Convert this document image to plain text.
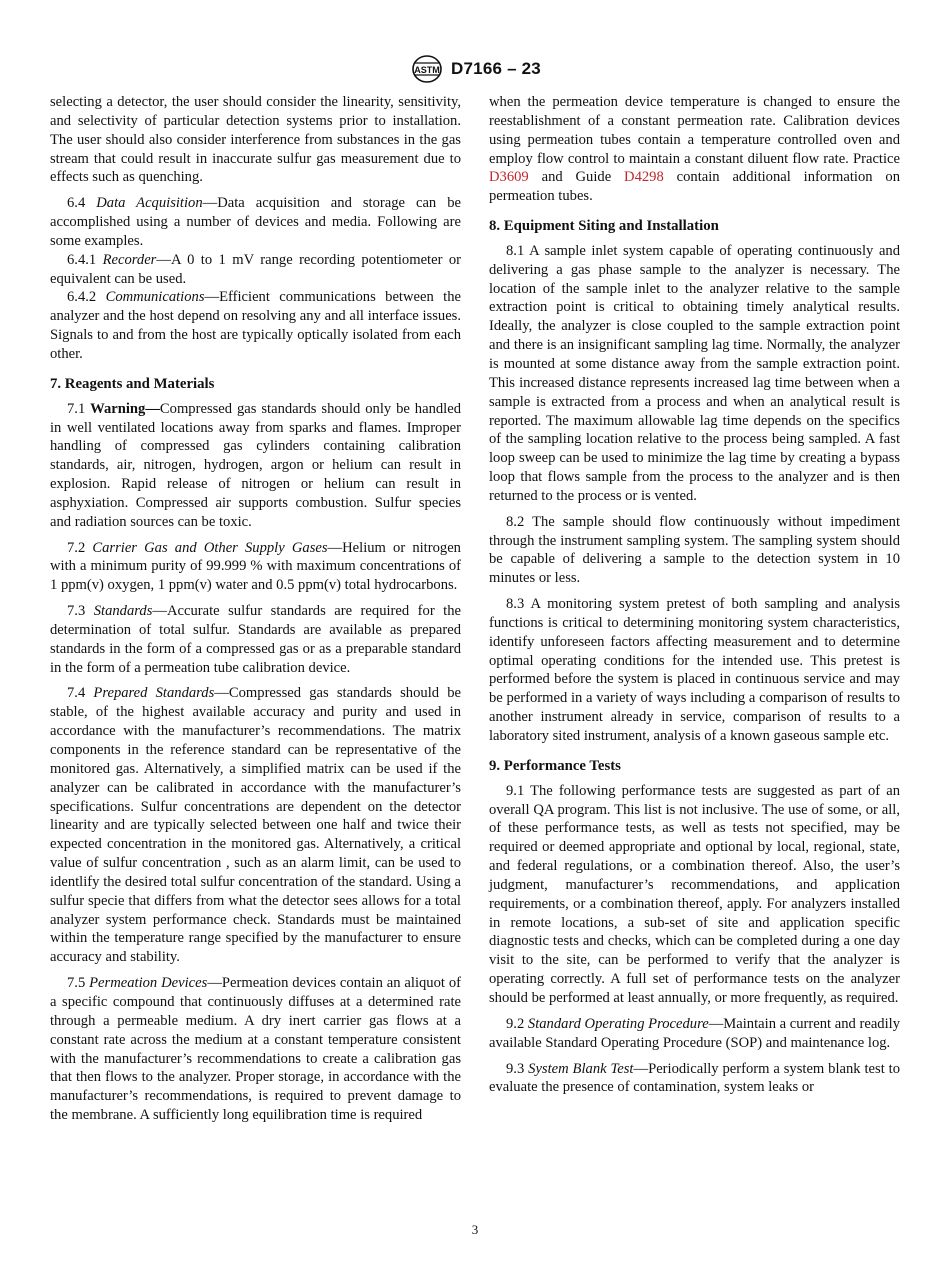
ASTM D7166 – 23

selecting a detector, the user should consider the linearity, sensitivity, and selectivity of particular detection systems prior to installation. The user should also consider interference from substances in the gas stream that could result in inaccurate sulfur gas measurement due to effects such as quenching.

6.4 Data Acquisition—Data acquisition and storage can be accomplished using a number of devices and media. Following are some examples.

6.4.1 Recorder—A 0 to 1 mV range recording potentiometer or equivalent can be used.

6.4.2 Communications—Efficient communications between the analyzer and the host depend on resolving any and all interface issues. Signals to and from the host are typically optically isolated from each other.

7. Reagents and Materials

7.1 Warning—Compressed gas standards should only be handled in well ventilated locations away from sparks and flames. Improper handling of compressed gas cylinders containing calibration standards, air, nitrogen, hydrogen, argon or helium can result in explosion. Rapid release of nitrogen or helium can result in asphyxiation. Compressed air supports combustion. Sulfur species and radiation sources can be toxic.

7.2 Carrier Gas and Other Supply Gases—Helium or nitrogen with a minimum purity of 99.999 % with maximum concentrations of 1 ppm(v) oxygen, 1 ppm(v) water and 0.5 ppm(v) total hydrocarbons.

7.3 Standards—Accurate sulfur standards are required for the determination of total sulfur. Standards are available as prepared standards in the form of a compressed gas or as a preparable standard in the form of a permeation tube calibration device.

7.4 Prepared Standards—Compressed gas standards should be stable, of the highest available accuracy and purity and used in accordance with the manufacturer’s recommendations. The matrix components in the reference standard can be representative of the monitored gas. Alternatively, a simplified matrix can be used if the analyzer can be calibrated in accordance with the manufacturer’s specifications. Sulfur concentrations are dependent on the detector linearity and are typically selected between one half and twice their expected concentration in the monitored gas. Alternatively, a critical value of sulfur concentration , such as an alarm limit, can be used to identlify the desired total sulfur concentration of the standard. Using a sulfur specie that differs from what the detector sees allows for a total analyzer system performance check. Standards must be maintained within the temperature range specified by the manufacturer to ensure accuracy and stability.

7.5 Permeation Devices—Permeation devices contain an aliquot of a specific compound that continuously diffuses at a determined rate through a permeable medium. A dry inert carrier gas flows at a constant rate across the medium at a constant temperature consistent with the manufacturer’s recommendations to create a calibration gas that then flows to the analyzer. Proper storage, in accordance with the manufacturer’s recommendations, is required to prevent damage to the membrane. A sufficiently long equilibration time is required

when the permeation device temperature is changed to ensure the reestablishment of a constant permeation rate. Calibration devices using permeation tubes contain a temperature controlled oven and employ flow control to maintain a constant diluent flow rate. Practice D3609 and Guide D4298 contain additional information on permeation tubes.

8. Equipment Siting and Installation

8.1 A sample inlet system capable of operating continuously and delivering a gas phase sample to the analyzer is necessary. The location of the sample inlet to the analyzer relative to the sample extraction point is critical to obtaining timely analytical results. Ideally, the analyzer is close coupled to the sample extraction point and there is an insignificant sampling lag time. Normally, the analyzer is mounted at some distance away from the sample extraction point. This increased distance represents increased lag time between when a sample is extracted from a process and when an analytical result is reported. The maximum allowable lag time depends on the specifics of the sampling location relative to the process being sampled. A fast loop sweep can be used to minimize the lag time by creating a bypass loop that flows sample from the process to the analyzer and is then returned to the process or is vented.

8.2 The sample should flow continuously without impediment through the instrument sampling system. The sampling system should be capable of delivering a sample to the detection system in 10 minutes or less.

8.3 A monitoring system pretest of both sampling and analysis functions is critical to determining monitoring system characteristics, identify unforeseen factors affecting measurement and to determine optimal operating conditions for the intended use. This pretest is performed before the system is placed in continuous service and may be performed in a variety of ways including a comparison of results to another instrument already in service, comparison of results to a laboratory sited instrument, analysis of a known gaseous sample etc.

9. Performance Tests

9.1 The following performance tests are suggested as part of an overall QA program. This list is not inclusive. The use of some, or all, of these performance tests, as well as tests not specified, may be required or deemed appropriate and optional by local, regional, state, and federal regulations, or a combination thereof. Also, the user’s judgment, manufacturer’s recommendations, and application requirements, or a combination thereof, apply. For analyzers installed in remote locations, a sub-set of site and application specific diagnostic tests and checks, which can be completed during a one day visit to the site, can be performed to verify that the analyzer is operating correctly. A full set of performance tests on the analyzer should be performed at least annually, or more frequently, as required.

9.2 Standard Operating Procedure—Maintain a current and readily available Standard Operating Procedure (SOP) and maintenance log.

9.3 System Blank Test—Periodically perform a system blank test to evaluate the presence of contamination, system leaks or

3
